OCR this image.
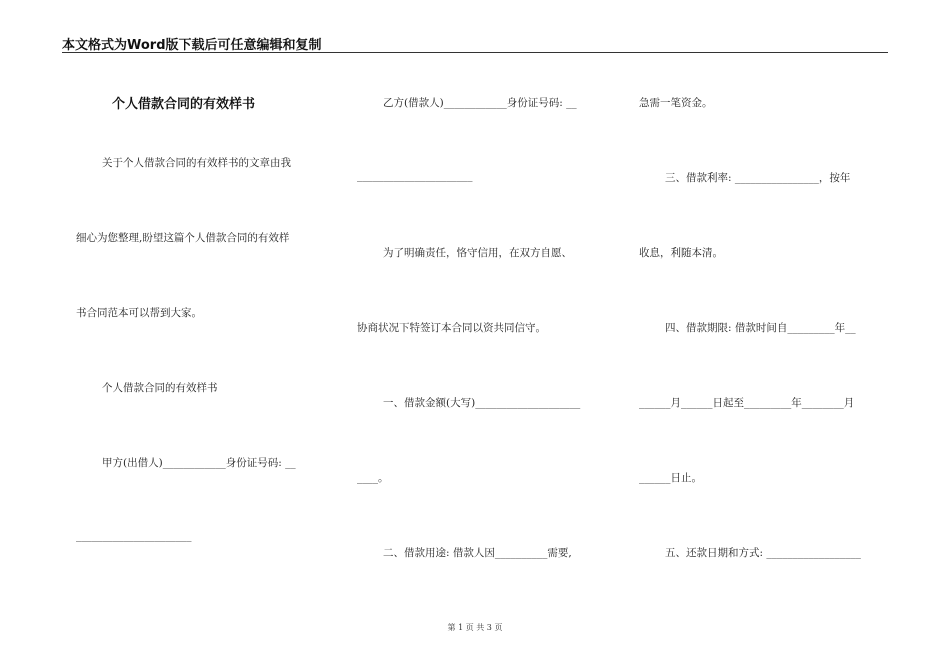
本文格式为Word版下载后可任意编辑和复制
个人借款合同的有效样书
关于个人借款合同的有效样书的文章由我
细心为您整理,盼望这篇个人借款合同的有效样
书合同范本可以帮到大家。
个人借款合同的有效样书
甲方(出借人)____________身份证号码: __
______________________
乙方(借款人)____________身份证号码: __
______________________
为了明确责任，恪守信用，在双方自愿、
协商状况下特签订本合同以资共同信守。
一、借款金额(大写)____________________
____。
二、借款用途: 借款人因__________需要,
急需一笔资金。
三、借款利率: ________________，按年
收息，利随本清。
四、借款期限: 借款时间自_________年__
______月______日起至_________年________月
______日止。
五、还款日期和方式: __________________
第 1 页 共 3 页
